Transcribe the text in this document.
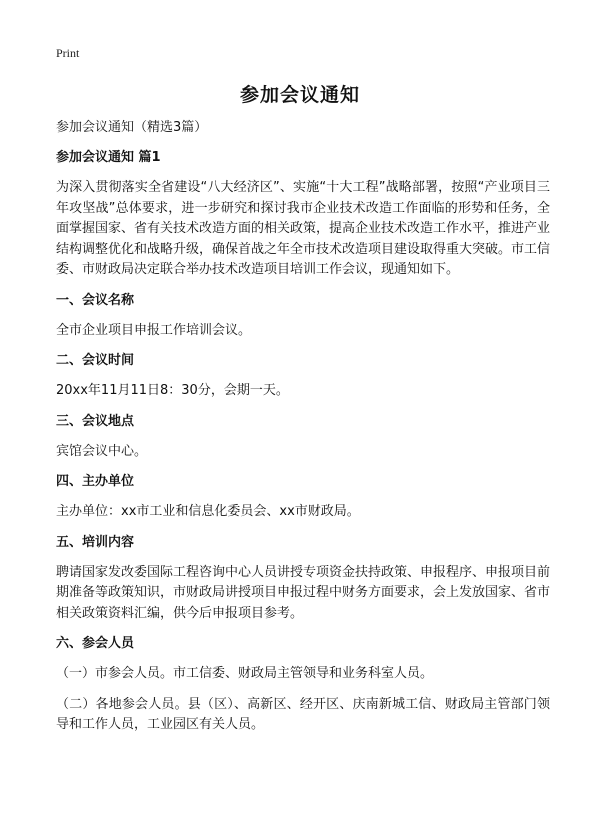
Print
参加会议通知

参加会议通知（精选3篇）

参加会议通知 篇1

为深入贯彻落实全省建设“八大经济区”、实施“十大工程”战略部署，按照“产业项目三年攻坚战”总体要求，进一步研究和探讨我市企业技术改造工作面临的形势和任务，全面掌握国家、省有关技术改造方面的相关政策，提高企业技术改造工作水平，推进产业结构调整优化和战略升级，确保首战之年全市技术改造项目建设取得重大突破。市工信委、市财政局决定联合举办技术改造项目培训工作会议，现通知如下。

一、会议名称

全市企业项目申报工作培训会议。

二、会议时间

20xx年11月11日8：30分，会期一天。

三、会议地点

宾馆会议中心。

四、主办单位

主办单位：xx市工业和信息化委员会、xx市财政局。

五、培训内容

聘请国家发改委国际工程咨询中心人员讲授专项资金扶持政策、申报程序、申报项目前期准备等政策知识，市财政局讲授项目申报过程中财务方面要求，会上发放国家、省市相关政策资料汇编，供今后申报项目参考。

六、参会人员

（一）市参会人员。市工信委、财政局主管领导和业务科室人员。

（二）各地参会人员。县（区）、高新区、经开区、庆南新城工信、财政局主管部门领导和工作人员，工业园区有关人员。
